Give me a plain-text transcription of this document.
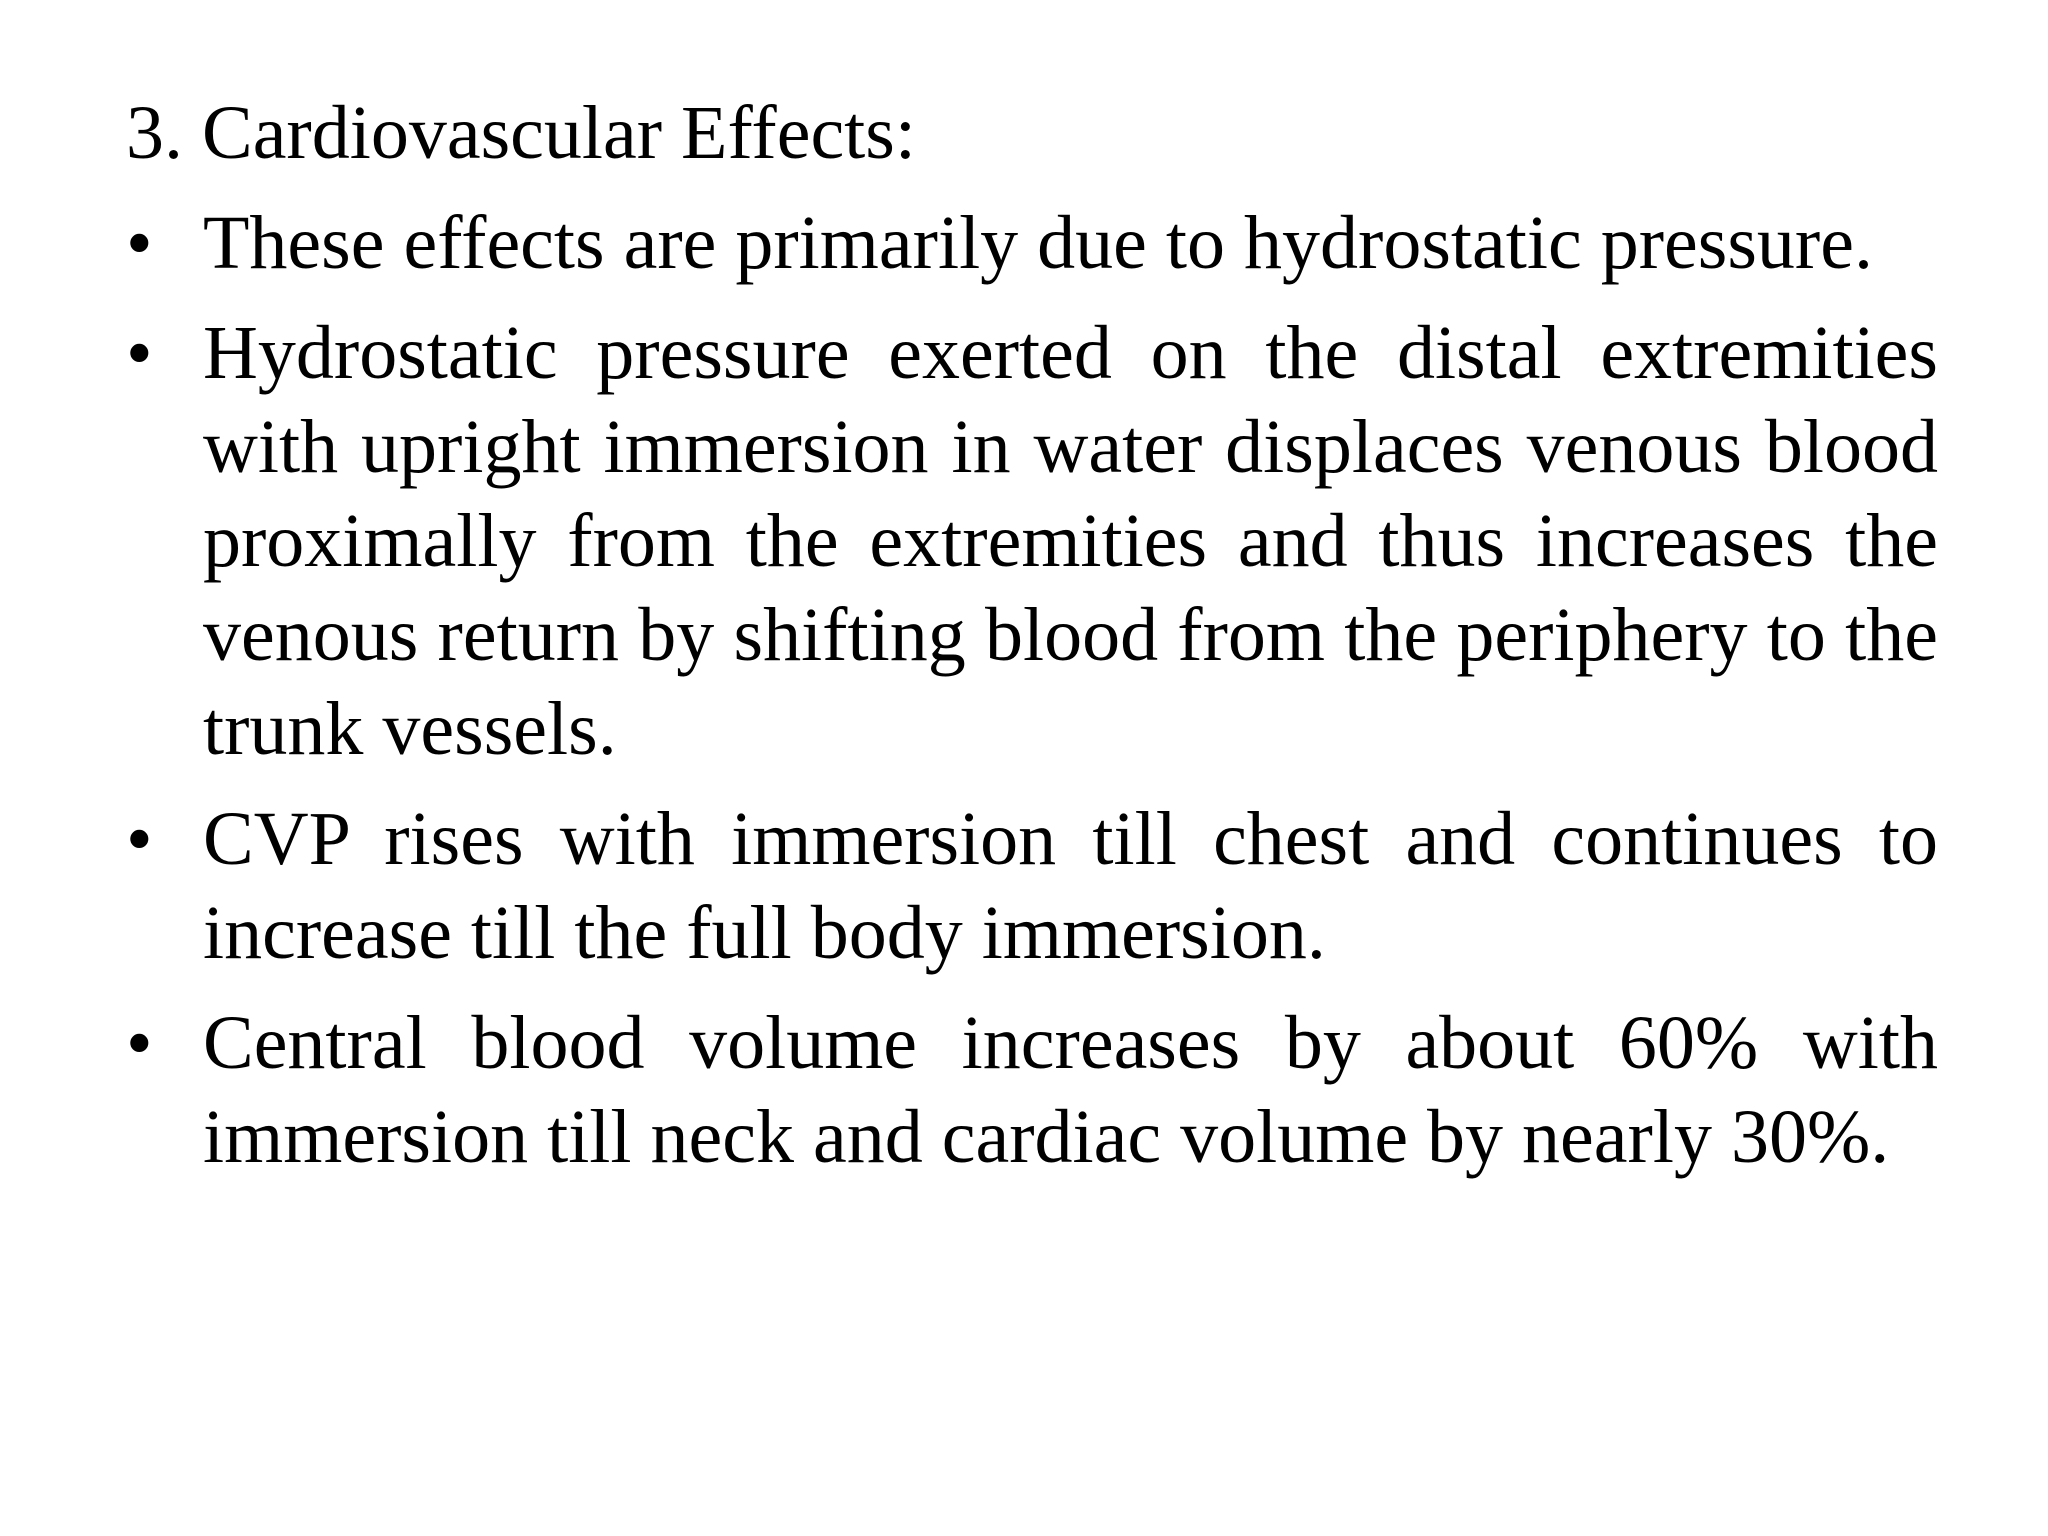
3. Cardiovascular Effects:
• These effects are primarily due to hydrostatic pressure.
• Hydrostatic pressure exerted on the distal extremities with upright immersion in water displaces venous blood proximally from the extremities and thus increases the venous return by shifting blood from the periphery to the trunk vessels.
• CVP rises with immersion till chest and continues to increase till the full body immersion.
• Central blood volume increases by about 60% with immersion till neck and cardiac volume by nearly 30%.
